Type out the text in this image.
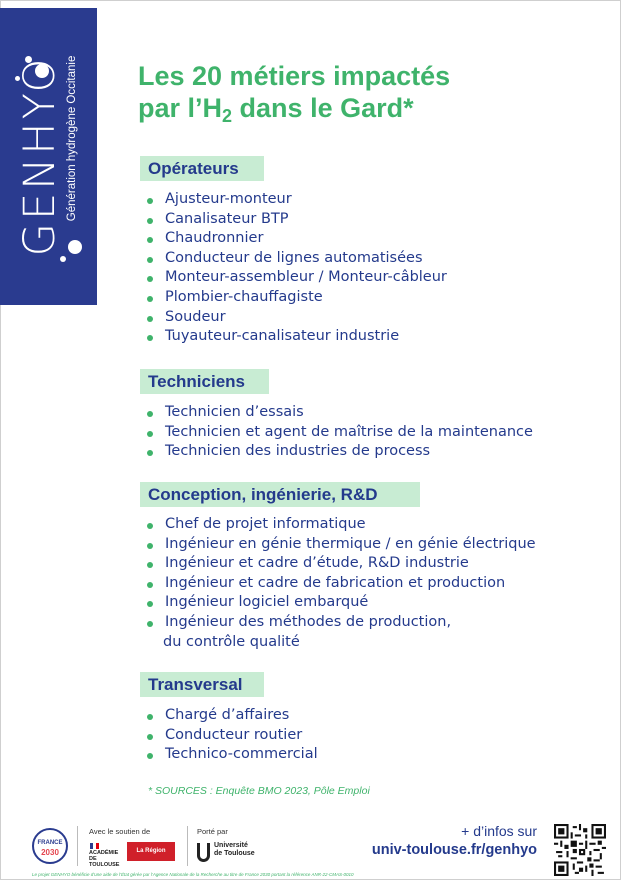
GENHYO Génération hydrogène Occitanie Les 20 métiers impactés
par $l’H_2$ dans le Gard*
Opérateurs
Ajusteur-monteur
Canalisateur BTP
Chaudronnier
Conducteur de lignes automatisées
Monteur-assembleur / Monteur-câbleur
Plombier-chauffagiste
Soudeur
Tuyauteur-canalisateur industrie
Techniciens
Technicien d’essais
Technicien et agent de maîtrise de la maintenance
Technicien des industries de process
Conception, ingénierie, R&D
Chef de projet informatique
Ingénieur en génie thermique / en génie électrique
Ingénieur et cadre d’étude, R&D industrie
Ingénieur et cadre de fabrication et production
Ingénieur logiciel embarqué
Ingénieur des méthodes de production,
du contrôle qualité
Transversal
Chargé d’affaires
Conducteur routier
Technico-commercial
* SOURCES : Enquête BMO 2023, Pôle Emploi
FRANCE
2030
Avec le soutien de
ACADÉMIE DE TOULOUSE
La Région Occitanie
Porté par
Université
de Toulouse
+ d’infos sur
univ-toulouse.fr/genhyo
Le projet GENHYO bénéficie d’une aide de l’État gérée par l’Agence Nationale de la Recherche au titre de France 2030 portant la référence ANR-22-CMAS-0010
